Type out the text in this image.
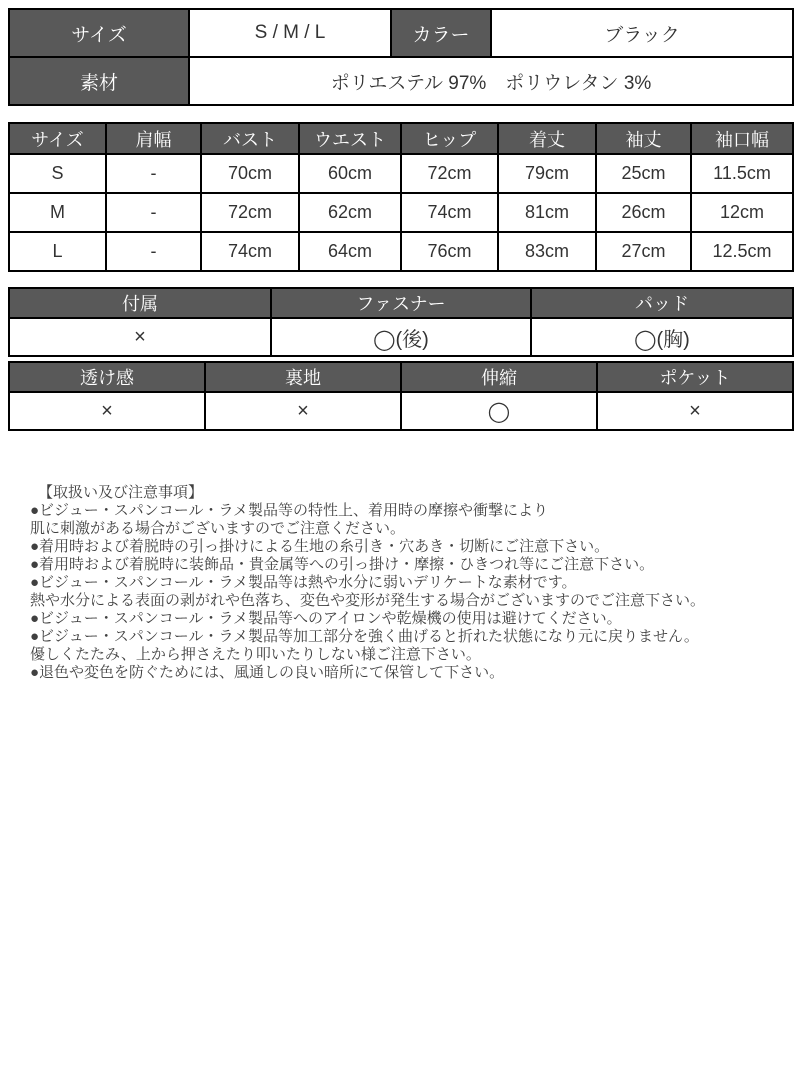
サイズ	S / M / L	カラー	ブラック
素材	ポリエステル 97%　ポリウレタン 3%		
サイズ	肩幅	バスト	ウエスト	ヒップ	着丈	袖丈	袖口幅
S	-	70cm	60cm	72cm	79cm	25cm	11.5cm
M	-	72cm	62cm	74cm	81cm	26cm	12cm
L	-	74cm	64cm	76cm	83cm	27cm	12.5cm
付属	ファスナー	パッド
×	◯(後)	◯(胸)
透け感	裏地	伸縮	ポケット
×	×	◯	×
【取扱い及び注意事項】
●ビジュー・スパンコール・ラメ製品等の特性上、着用時の摩擦や衝撃により
肌に刺激がある場合がございますのでご注意ください。
●着用時および着脱時の引っ掛けによる生地の糸引き・穴あき・切断にご注意下さい。
●着用時および着脱時に装飾品・貴金属等への引っ掛け・摩擦・ひきつれ等にご注意下さい。
●ビジュー・スパンコール・ラメ製品等は熱や水分に弱いデリケートな素材です。
熱や水分による表面の剥がれや色落ち、変色や変形が発生する場合がございますのでご注意下さい。
●ビジュー・スパンコール・ラメ製品等へのアイロンや乾燥機の使用は避けてください。
●ビジュー・スパンコール・ラメ製品等加工部分を強く曲げると折れた状態になり元に戻りません。
優しくたたみ、上から押さえたり叩いたりしない様ご注意下さい。
●退色や変色を防ぐためには、風通しの良い暗所にて保管して下さい。
